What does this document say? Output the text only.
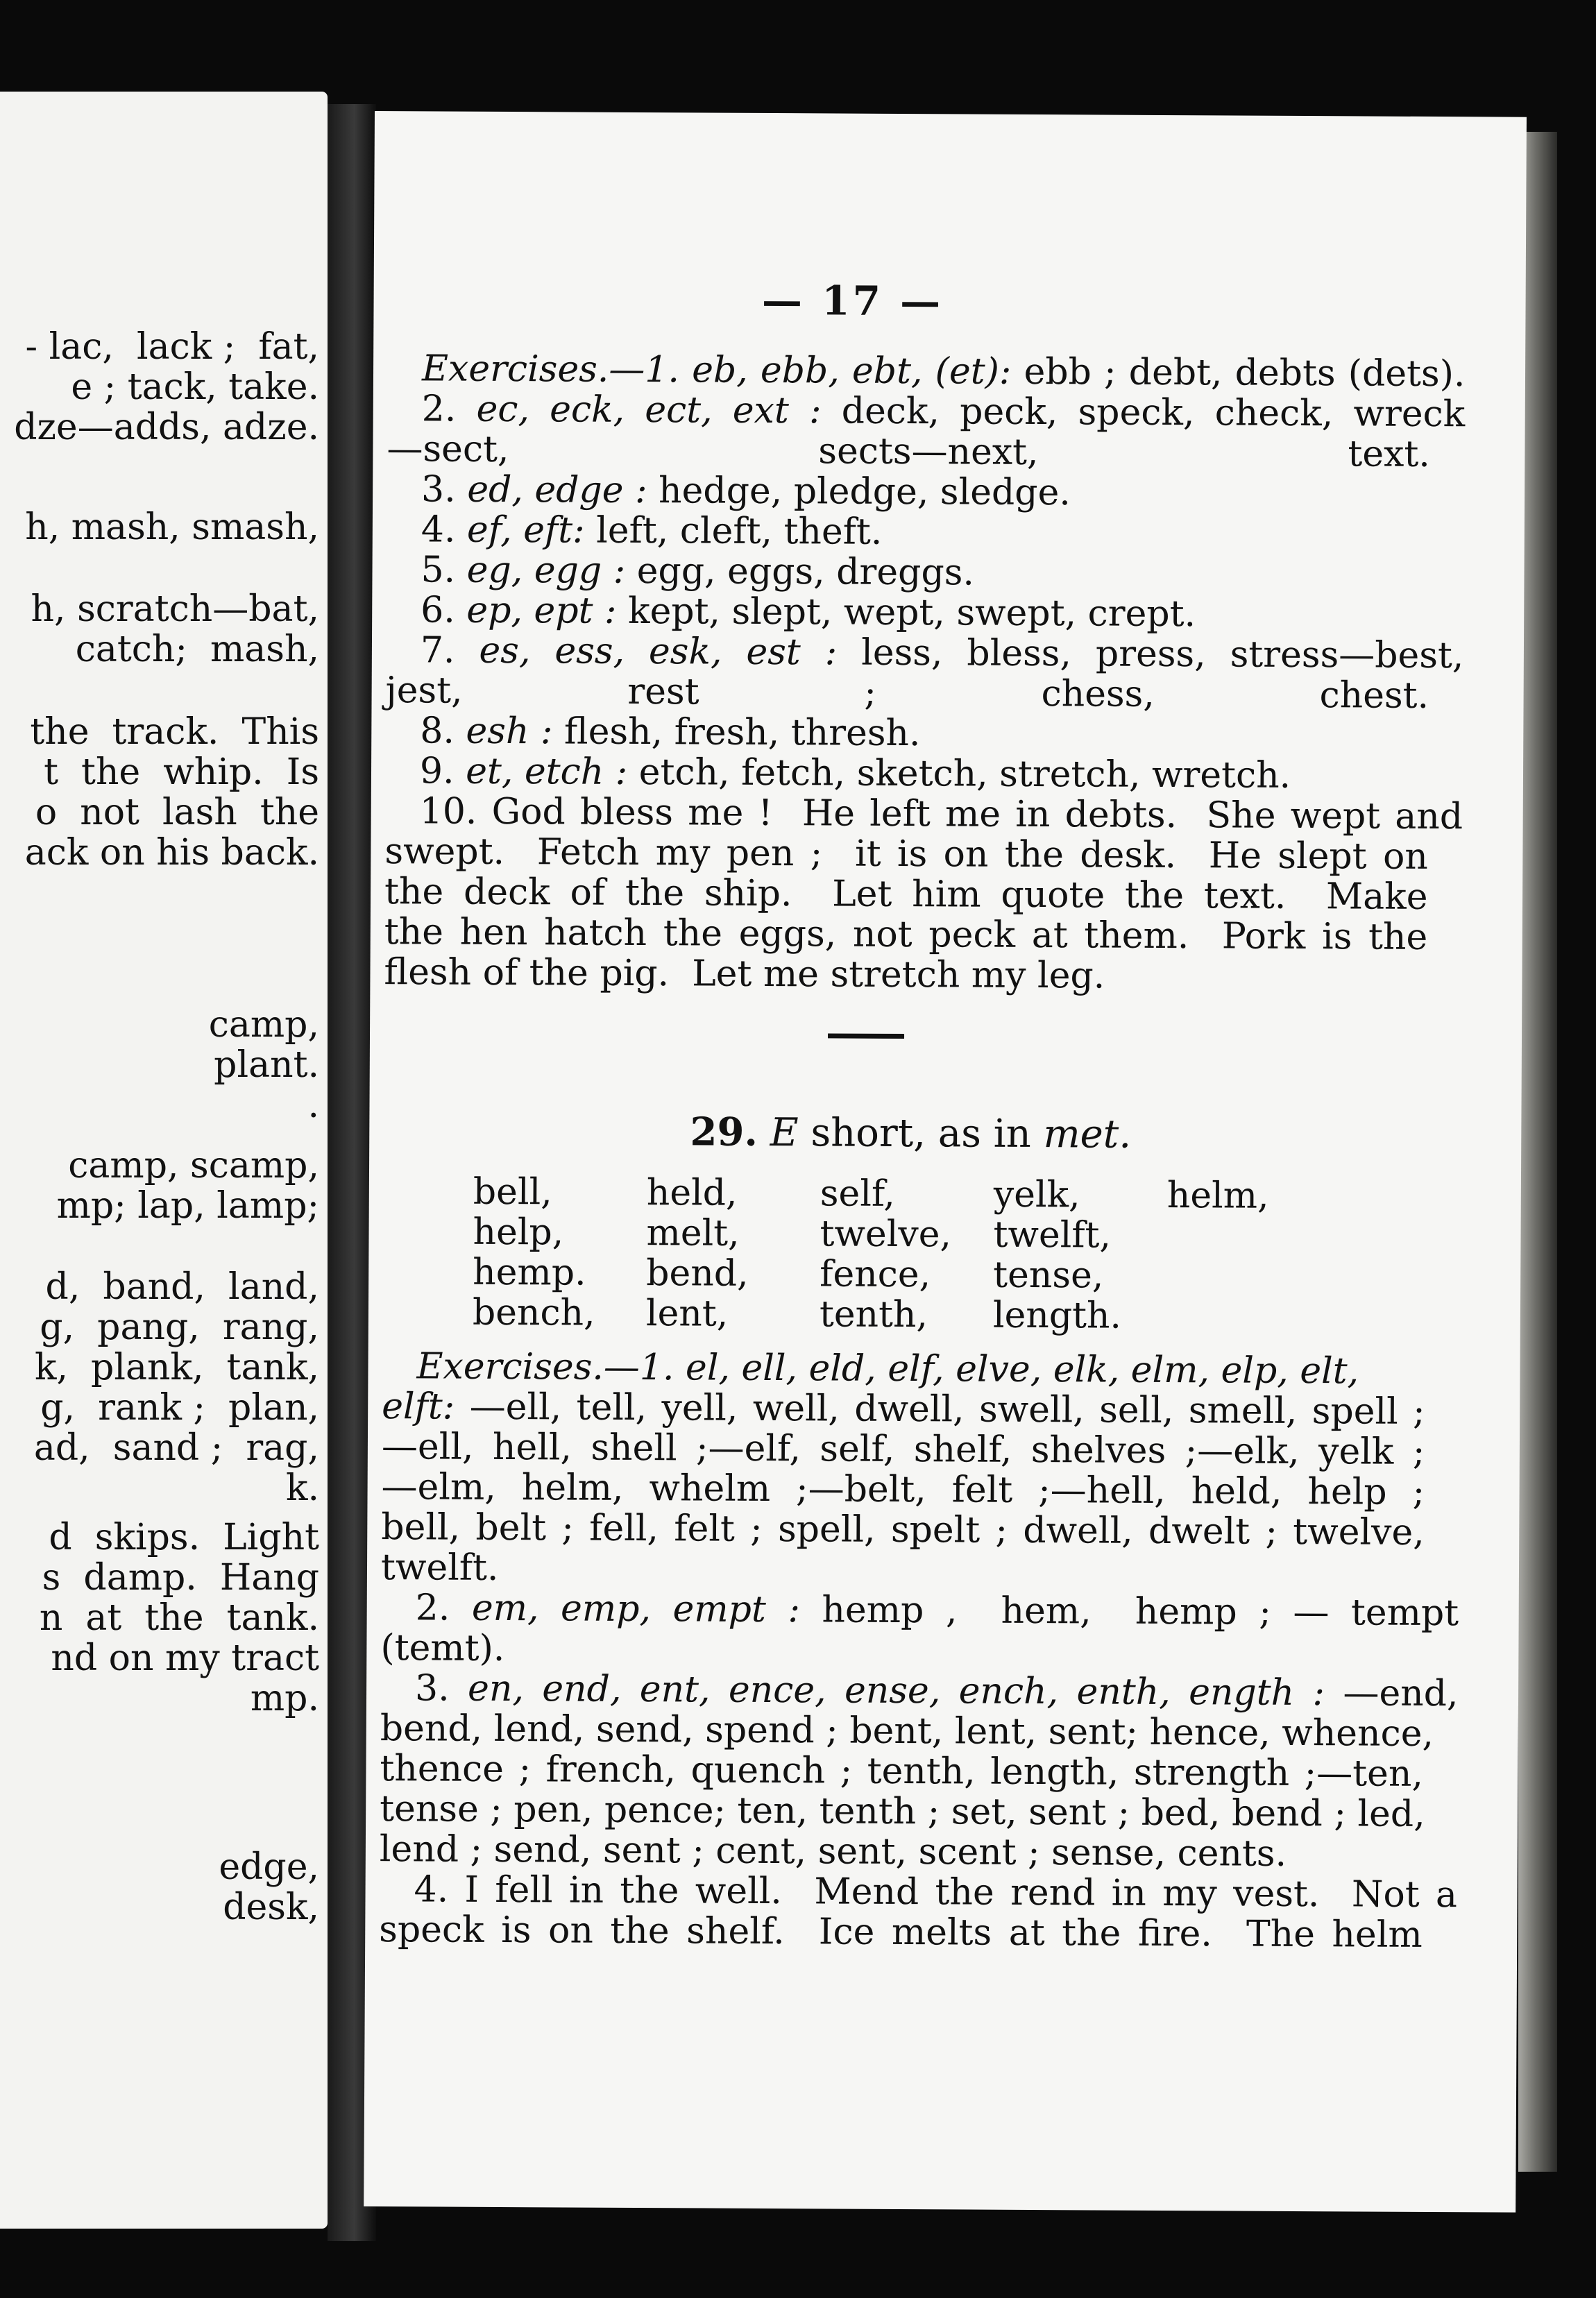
- lac,  lack ;  fat,
e ; tack, take.
dze—adds, adze.
h, mash, smash,
h, scratch—bat,
catch;  mash,
the  track.  This
t  the  whip.  Is
o  not  lash  the
ack on his back.
camp,
plant.
.
camp, scamp,
mp; lap, lamp;
d,  band,  land,
g,  pang,  rang,
k,  plank,  tank,
g,  rank ;  plan,
ad,  sand ;  rag,
k.
d  skips.  Light
s  damp.  Hang
n  at  the  tank.
nd on my tract
mp.
edge,
desk,
— 17 —
29. E short, as in met.
bell,	held,	self,	yelk,	helm,
help,	melt,	twelve,	twelft,
hemp.	bend,	fence,	tense,
bench,	lent,	tenth,	length.
Exercises.—1. eb, ebb, ebt, (et): ebb ; debt, debts (dets).
2. ec, eck, ect, ext : deck, peck, speck, check, wreck
—sect, sects—next, text.
3. ed, edge : hedge, pledge, sledge.
4. ef, eft: left, cleft, theft.
5. eg, egg : egg, eggs, dreggs.
6. ep, ept : kept, slept, wept, swept, crept.
7. es, ess, esk, est : less, bless, press, stress—best,
jest, rest ; chess, chest.
8. esh : flesh, fresh, thresh.
9. et, etch : etch, fetch, sketch, stretch, wretch.
10. God bless me !  He left me in debts.  She wept and
swept.  Fetch my pen ;  it is on the desk.  He slept on
the deck of the ship.  Let him quote the text.  Make
the hen hatch the eggs, not peck at them.  Pork is the
flesh of the pig.  Let me stretch my leg.
Exercises.—1. el, ell, eld, elf, elve, elk, elm, elp, elt,
elft: —ell, tell, yell, well, dwell, swell, sell, smell, spell ;
—ell, hell, shell ;—elf, self, shelf, shelves ;—elk, yelk ;
—elm, helm, whelm ;—belt, felt ;—hell, held, help ;
bell, belt ; fell, felt ; spell, spelt ; dwell, dwelt ; twelve,
twelft.
2. em, emp, empt : hemp ,  hem,  hemp ; — tempt
(temt).
3. en, end, ent, ence, ense, ench, enth, ength : —end,
bend, lend, send, spend ; bent, lent, sent; hence, whence,
thence ; french, quench ; tenth, length, strength ;—ten,
tense ; pen, pence; ten, tenth ; set, sent ; bed, bend ; led,
lend ; send, sent ; cent, sent, scent ; sense, cents.
4. I fell in the well.  Mend the rend in my vest.  Not a
speck is on the shelf.  Ice melts at the fire.  The helm
